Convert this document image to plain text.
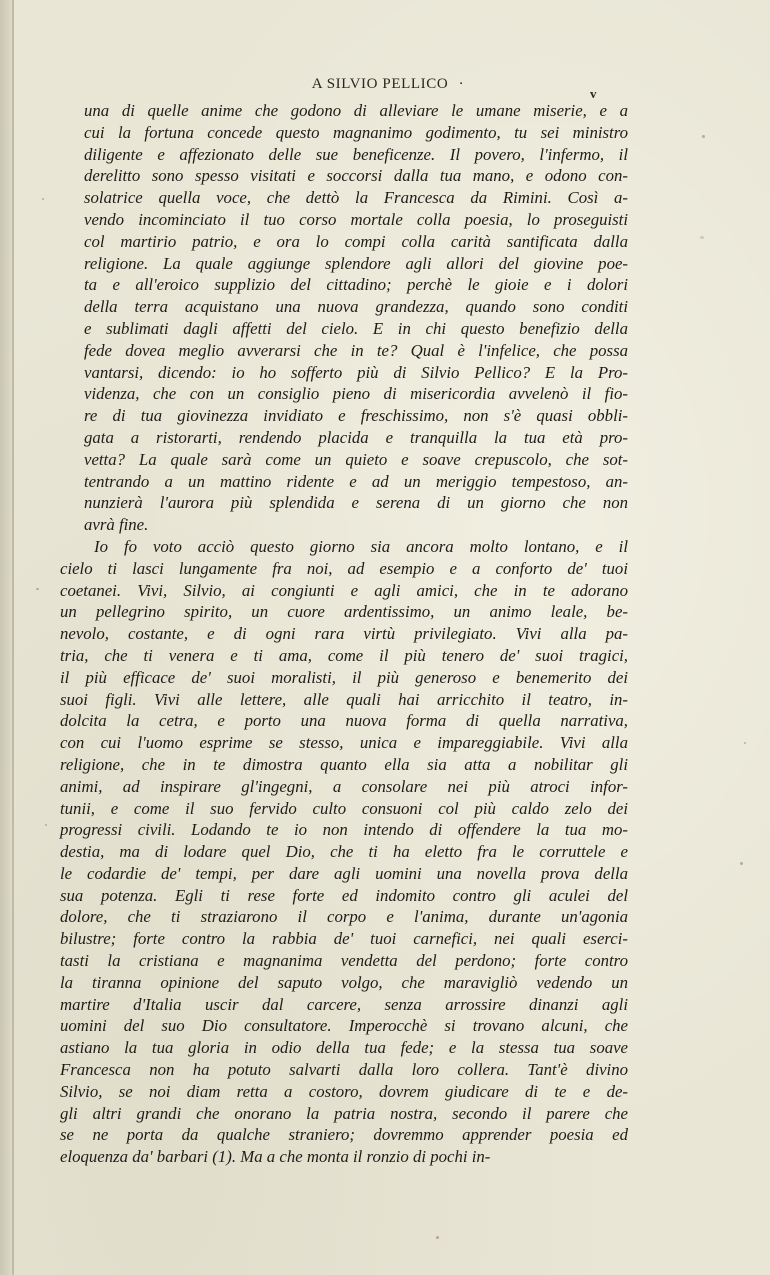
A SILVIO PELLICO ·
v
una di quelle anime che godono di alleviare le umane miserie, e a
cui la fortuna concede questo magnanimo godimento, tu sei ministro
diligente e affezionato delle sue beneficenze. Il povero, l'infermo, il
derelitto sono spesso visitati e soccorsi dalla tua mano, e odono con-
solatrice quella voce, che dettò la Francesca da Rimini. Così a-
vendo incominciato il tuo corso mortale colla poesia, lo proseguisti
col martirio patrio, e ora lo compi colla carità santificata dalla
religione. La quale aggiunge splendore agli allori del giovine poe-
ta e all'eroico supplizio del cittadino; perchè le gioie e i dolori
della terra acquistano una nuova grandezza, quando sono conditi
e sublimati dagli affetti del cielo. E in chi questo benefizio della
fede dovea meglio avverarsi che in te? Qual è l'infelice, che possa
vantarsi, dicendo: io ho sofferto più di Silvio Pellico? E la Pro-
videnza, che con un consiglio pieno di misericordia avvelenò il fio-
re di tua giovinezza invidiato e freschissimo, non s'è quasi obbli-
gata a ristorarti, rendendo placida e tranquilla la tua età pro-
vetta? La quale sarà come un quieto e soave crepuscolo, che sot-
tentrando a un mattino ridente e ad un meriggio tempestoso, an-
nunzierà l'aurora più splendida e serena di un giorno che non
avrà fine.
Io fo voto acciò questo giorno sia ancora molto lontano, e il
cielo ti lasci lungamente fra noi, ad esempio e a conforto de' tuoi
coetanei. Vivi, Silvio, ai congiunti e agli amici, che in te adorano
un pellegrino spirito, un cuore ardentissimo, un animo leale, be-
nevolo, costante, e di ogni rara virtù privilegiato. Vivi alla pa-
tria, che ti venera e ti ama, come il più tenero de' suoi tragici,
il più efficace de' suoi moralisti, il più generoso e benemerito dei
suoi figli. Vivi alle lettere, alle quali hai arricchito il teatro, in-
dolcita la cetra, e porto una nuova forma di quella narrativa,
con cui l'uomo esprime se stesso, unica e impareggiabile. Vivi alla
religione, che in te dimostra quanto ella sia atta a nobilitar gli
animi, ad inspirare gl'ingegni, a consolare nei più atroci infor-
tunii, e come il suo fervido culto consuoni col più caldo zelo dei
progressi civili. Lodando te io non intendo di offendere la tua mo-
destia, ma di lodare quel Dio, che ti ha eletto fra le corruttele e
le codardie de' tempi, per dare agli uomini una novella prova della
sua potenza. Egli ti rese forte ed indomito contro gli aculei del
dolore, che ti straziarono il corpo e l'anima, durante un'agonia
bilustre; forte contro la rabbia de' tuoi carnefici, nei quali eserci-
tasti la cristiana e magnanima vendetta del perdono; forte contro
la tiranna opinione del saputo volgo, che maravigliò vedendo un
martire d'Italia uscir dal carcere, senza arrossire dinanzi agli
uomini del suo Dio consultatore. Imperocchè si trovano alcuni, che
astiano la tua gloria in odio della tua fede; e la stessa tua soave
Francesca non ha potuto salvarti dalla loro collera. Tant'è divino
Silvio, se noi diam retta a costoro, dovrem giudicare di te e de-
gli altri grandi che onorano la patria nostra, secondo il parere che
se ne porta da qualche straniero; dovremmo apprender poesia ed
eloquenza da' barbari (1). Ma a che monta il ronzio di pochi in-
